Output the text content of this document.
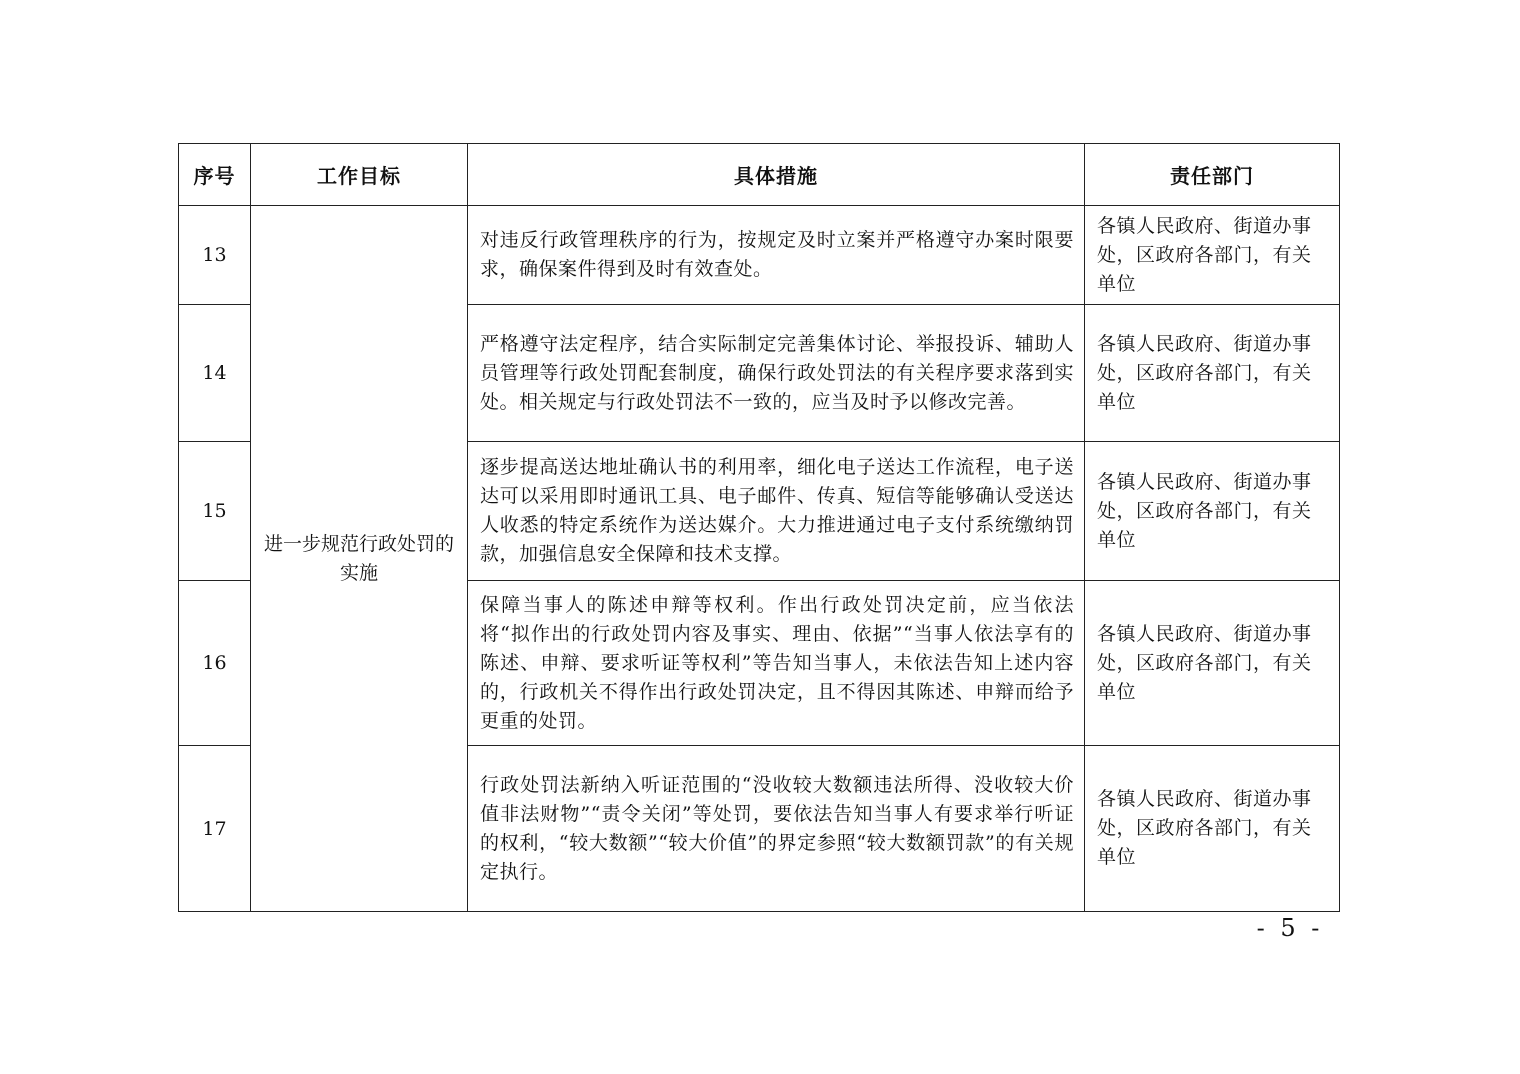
序号	工作目标	具体措施	责任部门
13	进一步规范行政处罚的实施	对违反行政管理秩序的行为，按规定及时立案并严格遵守办案时限要求，确保案件得到及时有效查处。	各镇人民政府、街道办事处，区政府各部门，有关单位
14		严格遵守法定程序，结合实际制定完善集体讨论、举报投诉、辅助人员管理等行政处罚配套制度，确保行政处罚法的有关程序要求落到实处。相关规定与行政处罚法不一致的，应当及时予以修改完善。	各镇人民政府、街道办事处，区政府各部门，有关单位
15		逐步提高送达地址确认书的利用率，细化电子送达工作流程，电子送达可以采用即时通讯工具、电子邮件、传真、短信等能够确认受送达人收悉的特定系统作为送达媒介。大力推进通过电子支付系统缴纳罚款，加强信息安全保障和技术支撑。	各镇人民政府、街道办事处，区政府各部门，有关单位
16		保障当事人的陈述申辩等权利。作出行政处罚决定前，应当依法将“拟作出的行政处罚内容及事实、理由、依据”“当事人依法享有的陈述、申辩、要求听证等权利”等告知当事人，未依法告知上述内容的，行政机关不得作出行政处罚决定，且不得因其陈述、申辩而给予更重的处罚。	各镇人民政府、街道办事处，区政府各部门，有关单位
17		行政处罚法新纳入听证范围的“没收较大数额违法所得、没收较大价值非法财物”“责令关闭”等处罚，要依法告知当事人有要求举行听证的权利，“较大数额”“较大价值”的界定参照“较大数额罚款”的有关规定执行。	各镇人民政府、街道办事处，区政府各部门，有关单位
- 5 -
